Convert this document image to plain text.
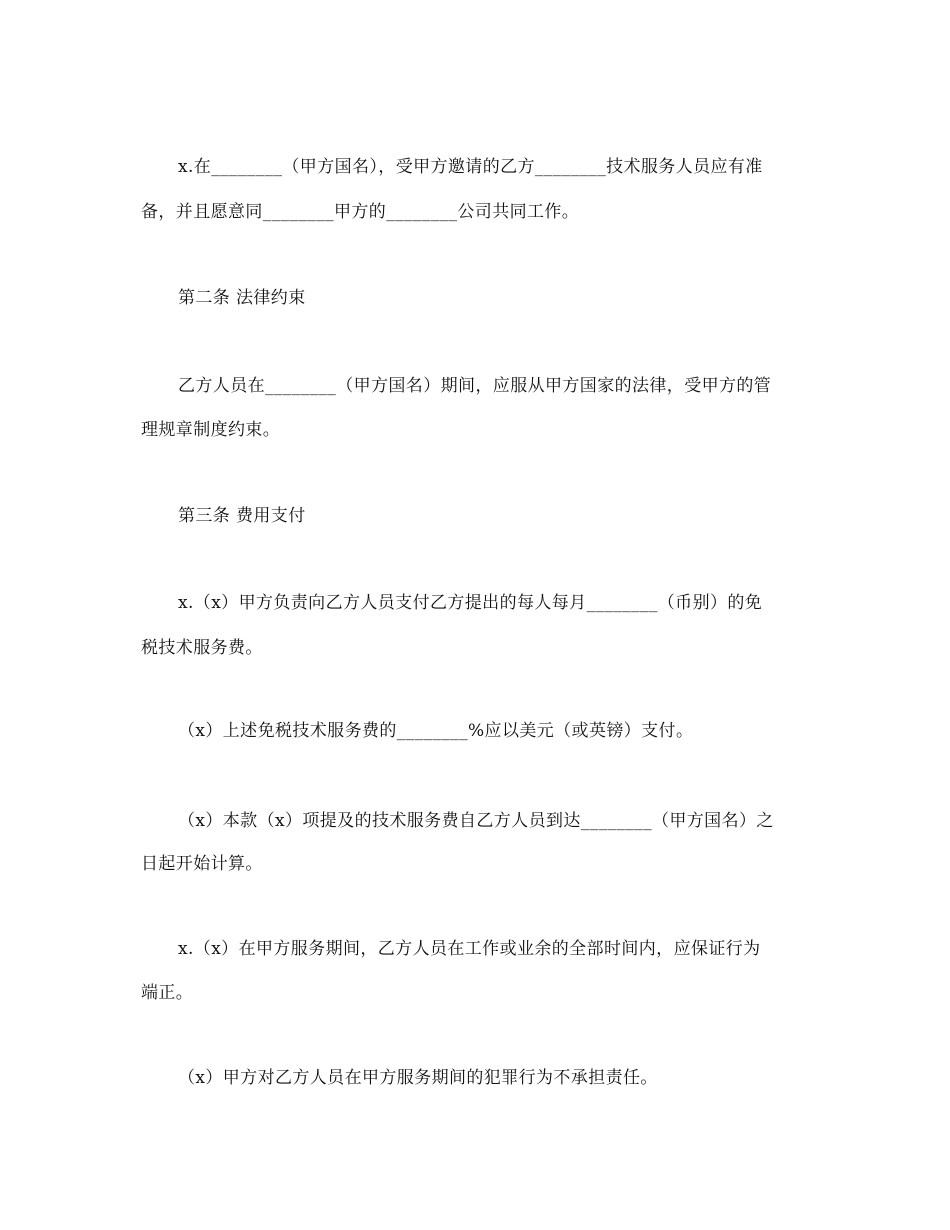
x.在________（甲方国名），受甲方邀请的乙方________技术服务人员应有准
备，并且愿意同________甲方的________公司共同工作。
第二条 法律约束
乙方人员在________（甲方国名）期间，应服从甲方国家的法律，受甲方的管
理规章制度约束。
第三条 费用支付
x.（x）甲方负责向乙方人员支付乙方提出的每人每月________（币别）的免
税技术服务费。
（x）上述免税技术服务费的________%应以美元（或英镑）支付。
（x）本款（x）项提及的技术服务费自乙方人员到达________（甲方国名）之
日起开始计算。
x.（x）在甲方服务期间，乙方人员在工作或业余的全部时间内，应保证行为
端正。
（x）甲方对乙方人员在甲方服务期间的犯罪行为不承担责任。
